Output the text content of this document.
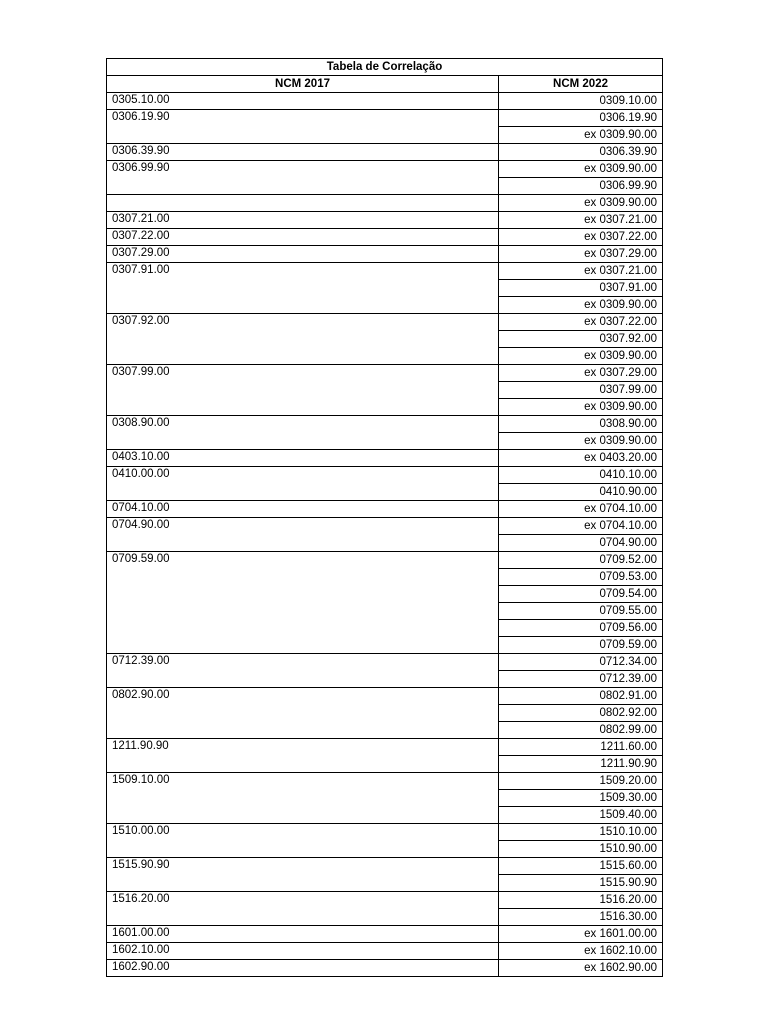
Tabela de Correlação	
NCM 2017	NCM 2022
0305.10.00	0309.10.00
0306.19.90	0306.19.90
	ex 0309.90.00
0306.39.90	0306.39.90
0306.99.90	ex 0309.90.00
	0306.99.90
	ex 0309.90.00
0307.21.00	ex 0307.21.00
0307.22.00	ex 0307.22.00
0307.29.00	ex 0307.29.00
0307.91.00	ex 0307.21.00
	0307.91.00
	ex 0309.90.00
0307.92.00	ex 0307.22.00
	0307.92.00
	ex 0309.90.00
0307.99.00	ex 0307.29.00
	0307.99.00
	ex 0309.90.00
0308.90.00	0308.90.00
	ex 0309.90.00
0403.10.00	ex 0403.20.00
0410.00.00	0410.10.00
	0410.90.00
0704.10.00	ex 0704.10.00
0704.90.00	ex 0704.10.00
	0704.90.00
0709.59.00	0709.52.00
	0709.53.00
	0709.54.00
	0709.55.00
	0709.56.00
	0709.59.00
0712.39.00	0712.34.00
	0712.39.00
0802.90.00	0802.91.00
	0802.92.00
	0802.99.00
1211.90.90	1211.60.00
	1211.90.90
1509.10.00	1509.20.00
	1509.30.00
	1509.40.00
1510.00.00	1510.10.00
	1510.90.00
1515.90.90	1515.60.00
	1515.90.90
1516.20.00	1516.20.00
	1516.30.00
1601.00.00	ex 1601.00.00
1602.10.00	ex 1602.10.00
1602.90.00	ex 1602.90.00
